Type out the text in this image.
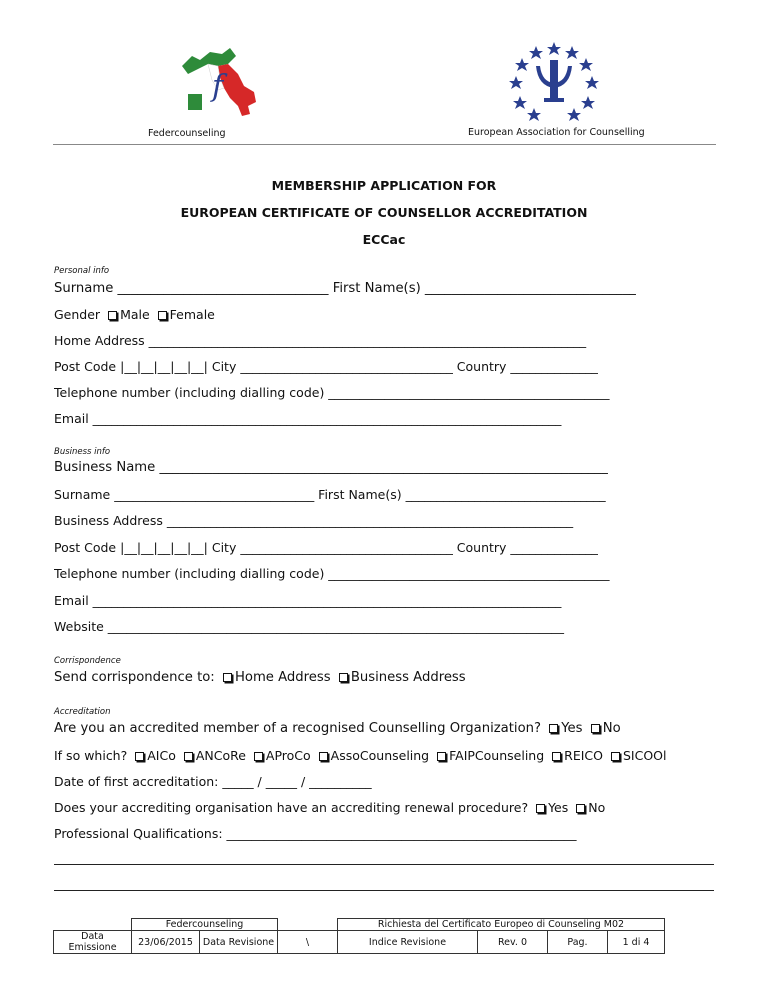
f
Federcounseling	European Association for Counselling
MEMBERSHIP APPLICATION FOR
EUROPEAN CERTIFICATE OF COUNSELLOR ACCREDITATION
ECCac
Personal info
Surname ________________________________ First Name(s) ________________________________
Gender Male Female
Home Address ______________________________________________________________________
Post Code |__|__|__|__|__| City __________________________________ Country ______________
Telephone number (including dialling code) _____________________________________________
Email ___________________________________________________________________________
Business info
Business Name ____________________________________________________________________
Surname ________________________________ First Name(s) ________________________________
Business Address _________________________________________________________________
Post Code |__|__|__|__|__| City __________________________________ Country ______________
Telephone number (including dialling code) _____________________________________________
Email ___________________________________________________________________________
Website _________________________________________________________________________
Corrispondence
Send corrispondence to: Home Address Business Address
Accreditation
Are you an accredited member of a recognised Counselling Organization? Yes No
If so which? AICo ANCoRe AProCo AssoCounseling FAIPCounseling REICO SICOOl
Date of first accreditation: _____ / _____ / __________
Does your accrediting organisation have an accrediting renewal procedure? Yes No
Professional Qualifications: ________________________________________________________
	Federcounseling			Richiesta del Certificato Europeo di Counseling M02				
Data Emissione	23/06/2015	Data Revisione	\	Indice Revisione	Rev. 0	Pag.	1 di 4	
